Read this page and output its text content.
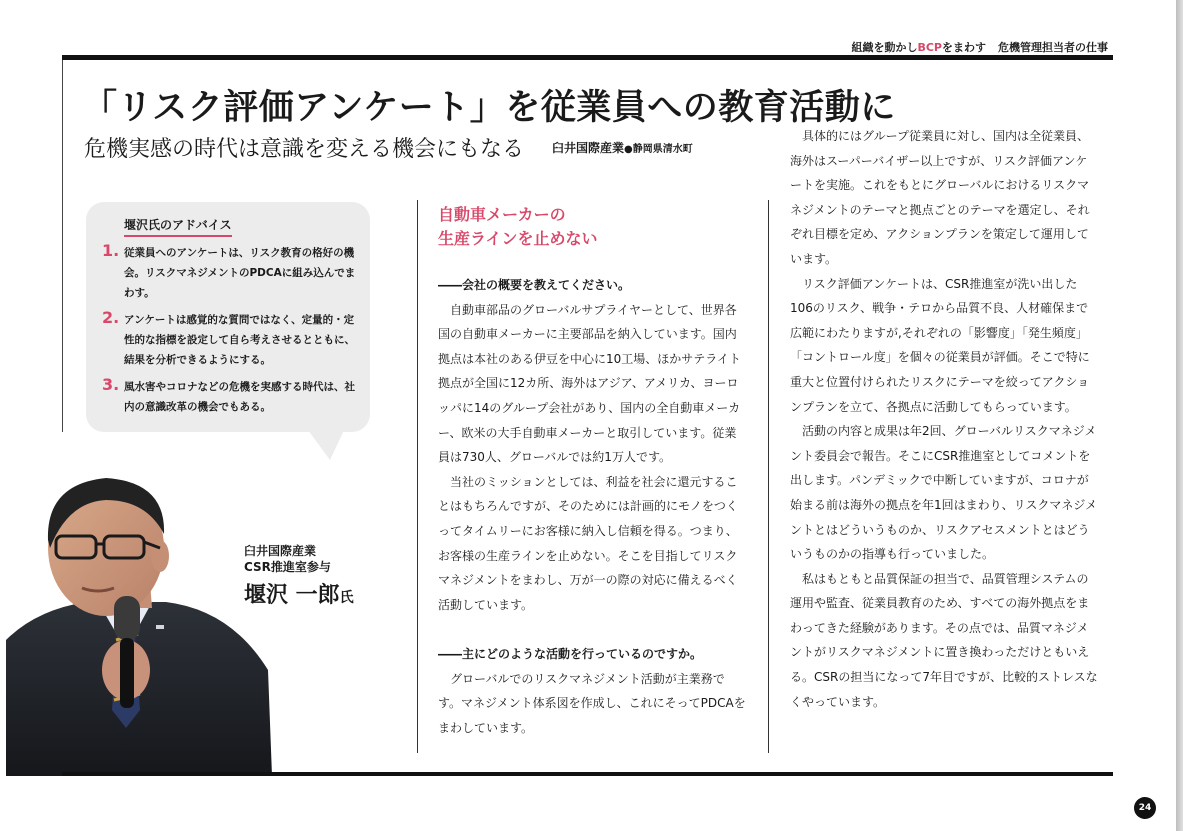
組織を動かしBCPをまわす 危機管理担当者の仕事
「リスク評価アンケート」を従業員への教育活動に
危機実感の時代は意識を変える機会にもなる 臼井国際産業●静岡県清水町
堰沢氏のアドバイス
1. 従業員へのアンケートは、リスク教育の格好の機会。リスクマネジメントのPDCAに組み込んでまわす。
2. アンケートは感覚的な質問ではなく、定量的・定性的な指標を設定して自ら考えさせるとともに、結果を分析できるようにする。
3. 風水害やコロナなどの危機を実感する時代は、社内の意識改革の機会でもある。
臼井国際産業
CSR推進室参与
堰沢 一郎氏
自動車メーカーの
生産ラインを止めない

――会社の概要を教えてください。

自動車部品のグローバルサプライヤーとして、世界各国の自動車メーカーに主要部品を納入しています。国内拠点は本社のある伊豆を中心に10工場、ほかサテライト拠点が全国に12カ所、海外はアジア、アメリカ、ヨーロッパに14のグループ会社があり、国内の全自動車メーカー、欧米の大手自動車メーカーと取引しています。従業員は730人、グローバルでは約1万人です。

当社のミッションとしては、利益を社会に還元することはもちろんですが、そのためには計画的にモノをつくってタイムリーにお客様に納入し信頼を得る。つまり、お客様の生産ラインを止めない。そこを目指してリスクマネジメントをまわし、万が一の際の対応に備えるべく活動しています。

――主にどのような活動を行っているのですか。

グローバルでのリスクマネジメント活動が主業務です。マネジメント体系図を作成し、これにそってPDCAをまわしています。

具体的にはグループ従業員に対し、国内は全従業員、海外はスーパーバイザー以上ですが、リスク評価アンケートを実施。これをもとにグローバルにおけるリスクマネジメントのテーマと拠点ごとのテーマを選定し、それぞれ目標を定め、アクションプランを策定して運用しています。

リスク評価アンケートは、CSR推進室が洗い出した106のリスク、戦争・テロから品質不良、人材確保まで広範にわたりますが,それぞれの「影響度」「発生頻度」「コントロール度」を個々の従業員が評価。そこで特に重大と位置付けられたリスクにテーマを絞ってアクションプランを立て、各拠点に活動してもらっています。

活動の内容と成果は年2回、グローバルリスクマネジメント委員会で報告。そこにCSR推進室としてコメントを出します。パンデミックで中断していますが、コロナが始まる前は海外の拠点を年1回はまわり、リスクマネジメントとはどういうものか、リスクアセスメントとはどういうものかの指導も行っていました。

私はもともと品質保証の担当で、品質管理システムの運用や監査、従業員教育のため、すべての海外拠点をまわってきた経験があります。その点では、品質マネジメントがリスクマネジメントに置き換わっただけともいえる。CSRの担当になって7年目ですが、比較的ストレスなくやっています。

24
